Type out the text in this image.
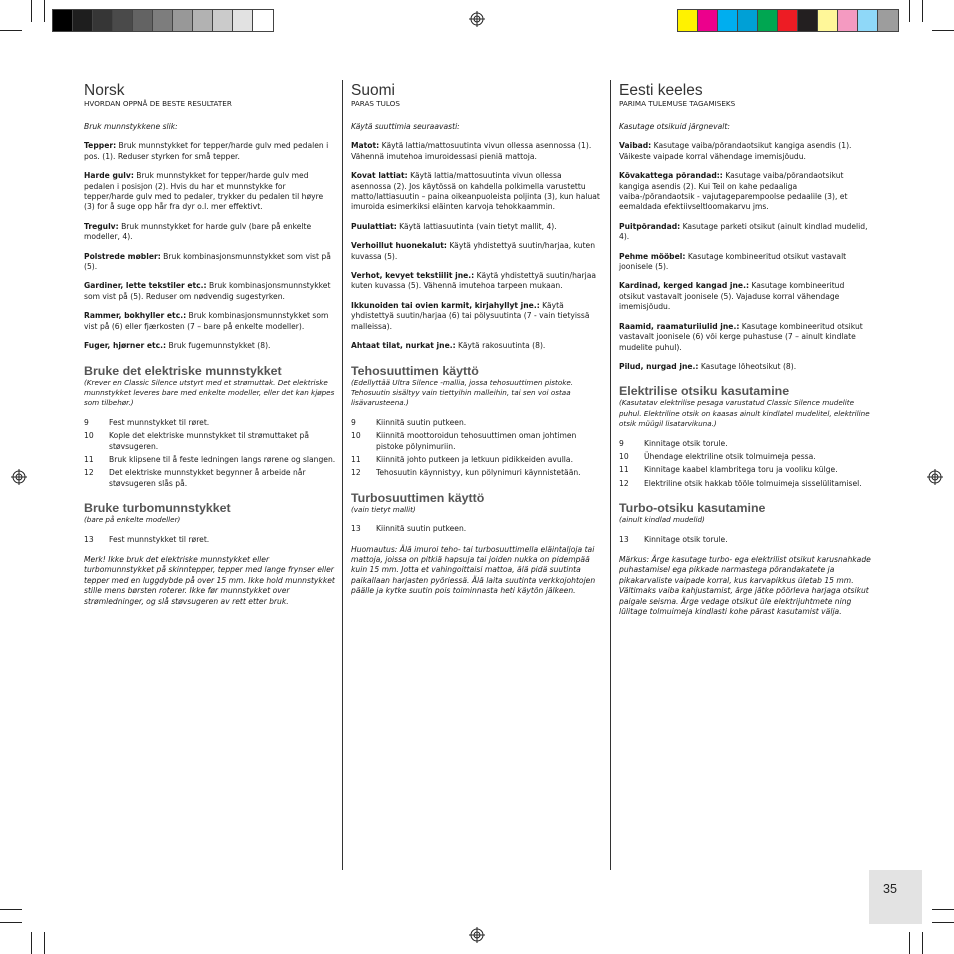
Norsk
HVORDAN OPPNÅ DE BESTE RESULTATER
Bruk munnstykkene slik:
Tepper: Bruk munnstykket for tepper/harde gulv med pedalen i pos. (1). Reduser styrken for små tepper.
Harde gulv: Bruk munnstykket for tepper/harde gulv med pedalen i posisjon (2). Hvis du har et munnstykke for tepper/harde gulv med to pedaler, trykker du pedalen til høyre (3) for å suge opp hår fra dyr o.l. mer effektivt.
Tregulv: Bruk munnstykket for harde gulv (bare på enkelte modeller, 4).
Polstrede møbler: Bruk kombinasjonsmunnstykket som vist på (5).
Gardiner, lette tekstiler etc.: Bruk kombinasjonsmunnstykket som vist på (5). Reduser om nødvendig sugestyrken.
Rammer, bokhyller etc.: Bruk kombinasjonsmunnstykket som vist på (6) eller fjærkosten (7 – bare på enkelte modeller).
Fuger, hjørner etc.: Bruk fugemunnstykket (8).
Bruke det elektriske munnstykket
(Krever en Classic Silence utstyrt med et strømuttak. Det elektriske munnstykket leveres bare med enkelte modeller, eller det kan kjøpes som tilbehør.)
9	Fest munnstykket til røret.
10	Kople det elektriske munnstykket til strømuttaket på støvsugeren.
11	Bruk klipsene til å feste ledningen langs rørene og slangen.
12	Det elektriske munnstykket begynner å arbeide når støvsugeren slås på.
Bruke turbomunnstykket
(bare på enkelte modeller)
13	Fest munnstykket til røret.
Merk! Ikke bruk det elektriske munnstykket eller turbomunnstykket på skinntepper, tepper med lange frynser eller tepper med en luggdybde på over 15 mm. Ikke hold munnstykket stille mens børsten roterer. Ikke før munnstykket over strømledninger, og slå støvsugeren av rett etter bruk.
Suomi
PARAS TULOS
Käytä suuttimia seuraavasti:
Matot: Käytä lattia/mattosuutinta vivun ollessa asennossa (1). Vähennä imutehoa imuroidessasi pieniä mattoja.
Kovat lattiat: Käytä lattia/mattosuutinta vivun ollessa asennossa (2). Jos käytössä on kahdella polkimella varustettu matto/lattiasuutin – paina oikeanpuoleista poljinta (3), kun haluat imuroida esimerkiksi eläinten karvoja tehokkaammin.
Puulattiat: Käytä lattiasuutinta (vain tietyt mallit, 4).
Verhoillut huonekalut: Käytä yhdistettyä suutin/harjaa, kuten kuvassa (5).
Verhot, kevyet tekstiilit jne.: Käytä yhdistettyä suutin/harjaa kuten kuvassa (5). Vähennä imutehoa tarpeen mukaan.
Ikkunoiden tai ovien karmit, kirjahyllyt jne.: Käytä yhdistettyä suutin/harjaa (6) tai pölysuutinta (7 - vain tietyissä malleissa).
Ahtaat tilat, nurkat jne.: Käytä rakosuutinta (8).
Tehosuuttimen käyttö
(Edellyttää Ultra Silence -mallia, jossa tehosuuttimen pistoke. Tehosuutin sisältyy vain tiettyihin malleihin, tai sen voi ostaa lisävarusteena.)
9	Kiinnitä suutin putkeen.
10	Kiinnitä moottoroidun tehosuuttimen oman johtimen pistoke pölynimuriin.
11	Kiinnitä johto putkeen ja letkuun pidikkeiden avulla.
12	Tehosuutin käynnistyy, kun pölynimuri käynnistetään.
Turbosuuttimen käyttö
(vain tietyt mallit)
13	Kiinnitä suutin putkeen.
Huomautus: Älä imuroi teho- tai turbosuuttimella eläintaljoja tai mattoja, joissa on pitkiä hapsuja tai joiden nukka on pidempää kuin 15 mm. Jotta et vahingoittaisi mattoa, älä pidä suutinta paikallaan harjasten pyöriessä. Älä laita suutinta verkkojohtojen päälle ja kytke suutin pois toiminnasta heti käytön jälkeen.
Eesti keeles
PARIMA TULEMUSE TAGAMISEKS
Kasutage otsikuid järgnevalt:
Vaibad: Kasutage vaiba/põrandaotsikut kangiga asendis (1). Väikeste vaipade korral vähendage imemisjõudu.
Kõvakattega põrandad:: Kasutage vaiba/põrandaotsikut kangiga asendis (2). Kui Teil on kahe pedaaliga vaiba-/põrandaotsik - vajutageparempoolse pedaalile (3), et eemaldada efektiivseltloomakarvu jms.
Puitpõrandad: Kasutage parketi otsikut (ainult kindlad mudelid, 4).
Pehme mööbel: Kasutage kombineeritud otsikut vastavalt joonisele (5).
Kardinad, kerged kangad jne.: Kasutage kombineeritud otsikut vastavalt joonisele (5). Vajaduse korral vähendage imemisjõudu.
Raamid, raamaturiiulid jne.: Kasutage kombineeritud otsikut vastavalt joonisele (6) või kerge puhastuse (7 – ainult kindlate mudelite puhul).
Pilud, nurgad jne.: Kasutage lõheotsikut (8).
Elektrilise otsiku kasutamine
(Kasutatav elektrilise pesaga varustatud Classic Silence mudelite puhul. Elektriline otsik on kaasas ainult kindlatel mudelitel, elektriline otsik müügil lisatarvikuna.)
9	Kinnitage otsik torule.
10	Ühendage elektriline otsik tolmuimeja pessa.
11	Kinnitage kaabel klambritega toru ja vooliku külge.
12	Elektriline otsik hakkab tööle tolmuimeja sisselülitamisel.
Turbo-otsiku kasutamine
(ainult kindlad mudelid)
13	Kinnitage otsik torule.
Märkus: Ärge kasutage turbo- ega elektrilist otsikut karusnahkade puhastamisel ega pikkade narmastega põrandakatete ja pikakarvaliste vaipade korral, kus karvapikkus ületab 15 mm. Vältimaks vaiba kahjustamist, ärge jätke pöörleva harjaga otsikut paigale seisma. Ärge vedage otsikut üle elektrijuhtmete ning lülitage tolmuimeja kindlasti kohe pärast kasutamist välja.
35
